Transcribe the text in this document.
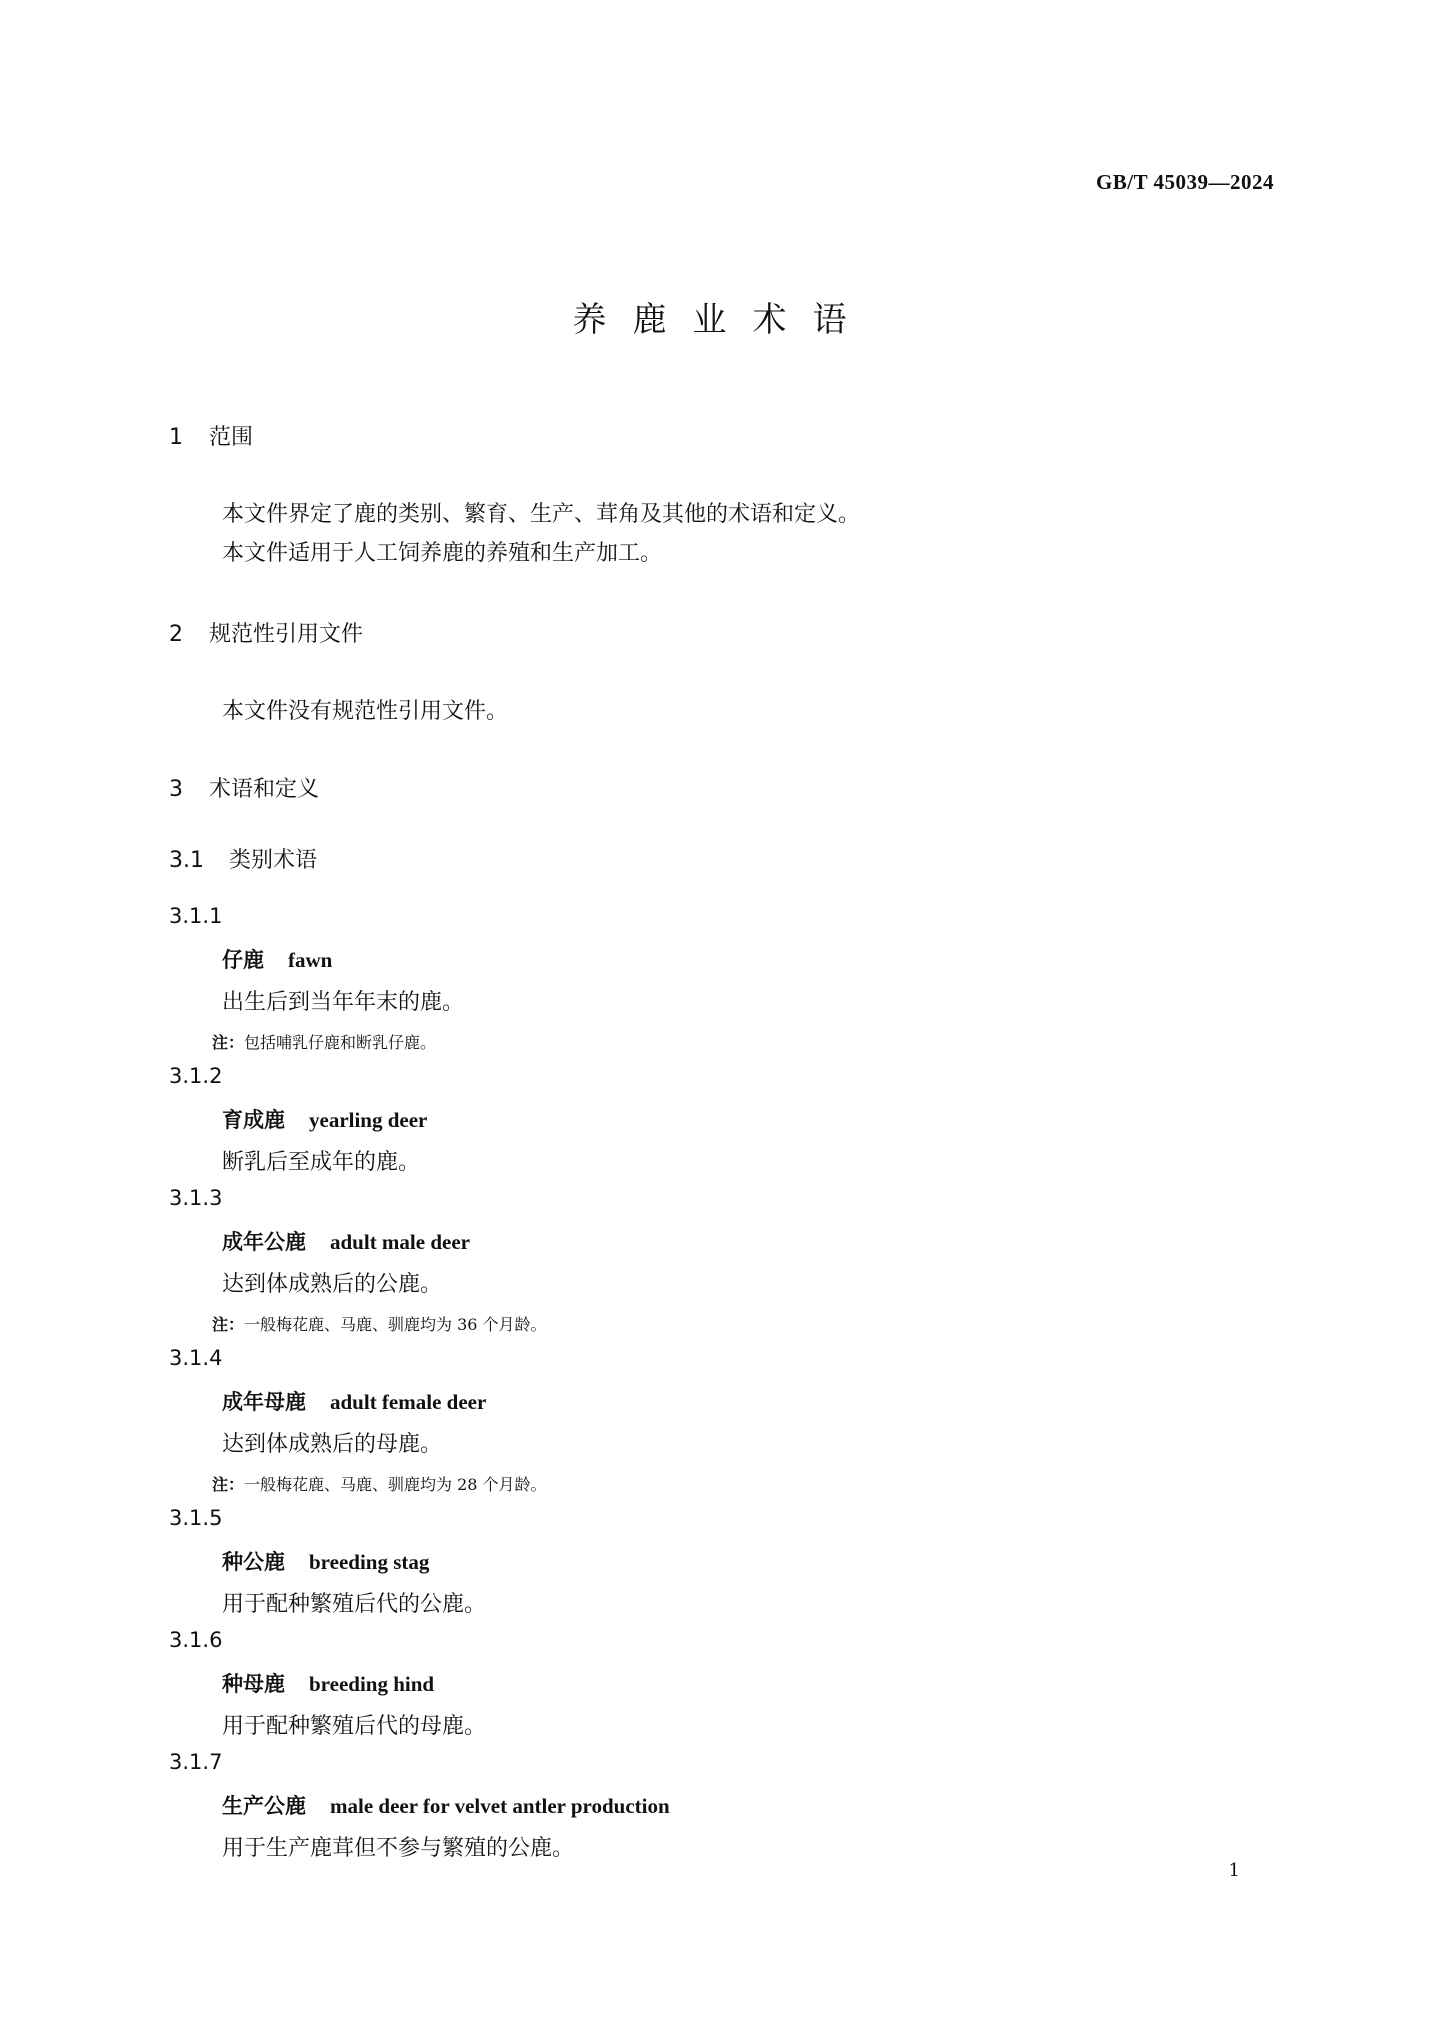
GB/T 45039—2024
养鹿业术语
1 范围
本文件界定了鹿的类别、繁育、生产、茸角及其他的术语和定义。
本文件适用于人工饲养鹿的养殖和生产加工。
2 规范性引用文件
本文件没有规范性引用文件。
3 术语和定义
3.1 类别术语
3.1.1
仔鹿 fawn
出生后到当年年末的鹿。
注：包括哺乳仔鹿和断乳仔鹿。
3.1.2
育成鹿 yearling deer
断乳后至成年的鹿。
3.1.3
成年公鹿 adult male deer
达到体成熟后的公鹿。
注：一般梅花鹿、马鹿、驯鹿均为 36 个月龄。
3.1.4
成年母鹿 adult female deer
达到体成熟后的母鹿。
注：一般梅花鹿、马鹿、驯鹿均为 28 个月龄。
3.1.5
种公鹿 breeding stag
用于配种繁殖后代的公鹿。
3.1.6
种母鹿 breeding hind
用于配种繁殖后代的母鹿。
3.1.7
生产公鹿 male deer for velvet antler production
用于生产鹿茸但不参与繁殖的公鹿。
1
